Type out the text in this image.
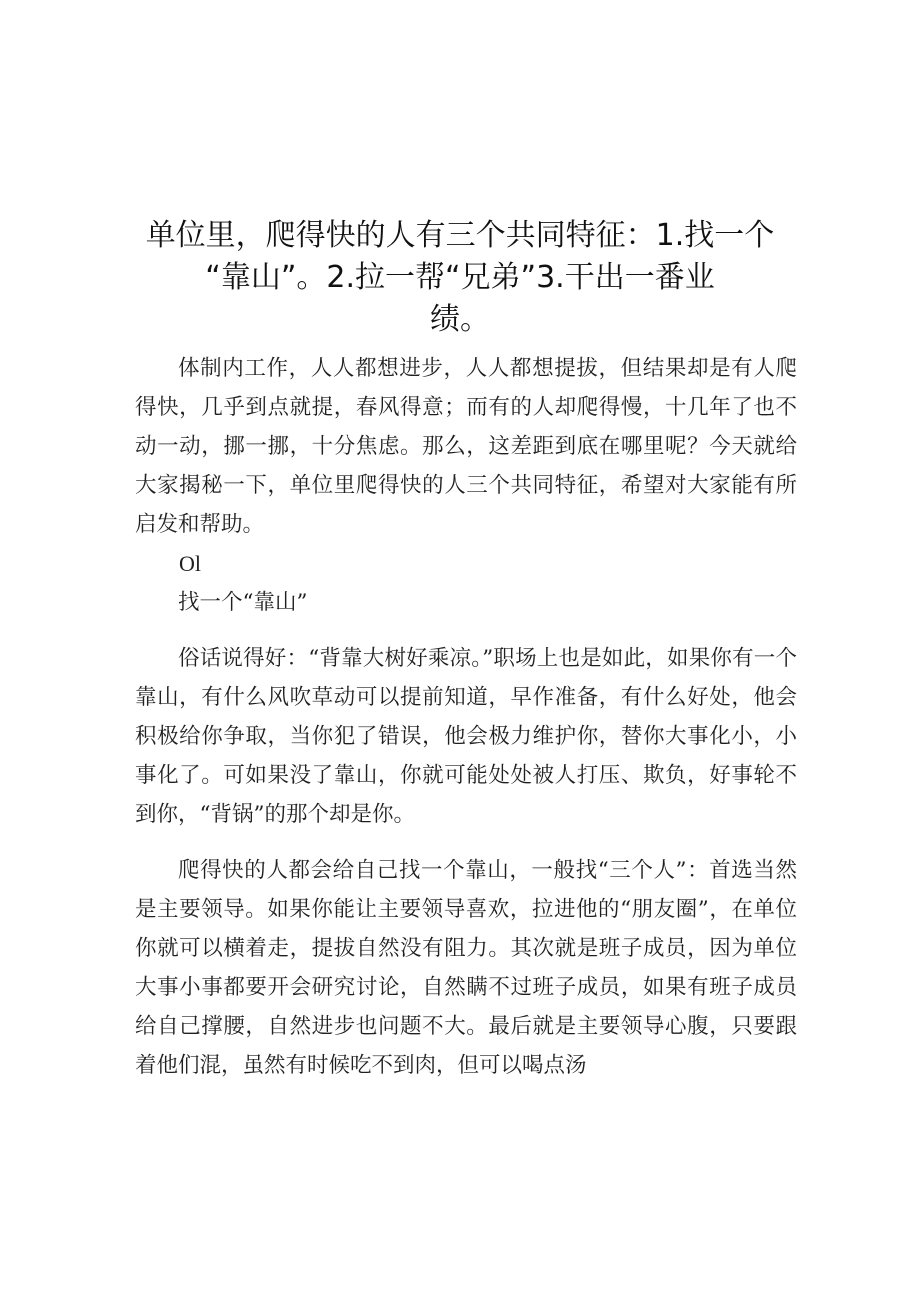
单位里，爬得快的人有三个共同特征：1.找一个
“靠山”。2.拉一帮“兄弟”3.干出一番业
绩。

体制内工作，人人都想进步，人人都想提拔，但结果却是有人爬得快，几乎到点就提，春风得意；而有的人却爬得慢，十几年了也不动一动，挪一挪，十分焦虑。那么，这差距到底在哪里呢？今天就给大家揭秘一下，单位里爬得快的人三个共同特征，希望对大家能有所启发和帮助。

Ol

找一个“靠山”

俗话说得好：“背靠大树好乘凉。”职场上也是如此，如果你有一个靠山，有什么风吹草动可以提前知道，早作准备，有什么好处，他会积极给你争取，当你犯了错误，他会极力维护你，替你大事化小，小事化了。可如果没了靠山，你就可能处处被人打压、欺负，好事轮不到你，“背锅”的那个却是你。

爬得快的人都会给自己找一个靠山，一般找“三个人”：首选当然是主要领导。如果你能让主要领导喜欢，拉进他的“朋友圈”，在单位你就可以横着走，提拔自然没有阻力。其次就是班子成员，因为单位大事小事都要开会研究讨论，自然瞒不过班子成员，如果有班子成员给自己撑腰，自然进步也问题不大。最后就是主要领导心腹，只要跟着他们混，虽然有时候吃不到肉，但可以喝点汤
